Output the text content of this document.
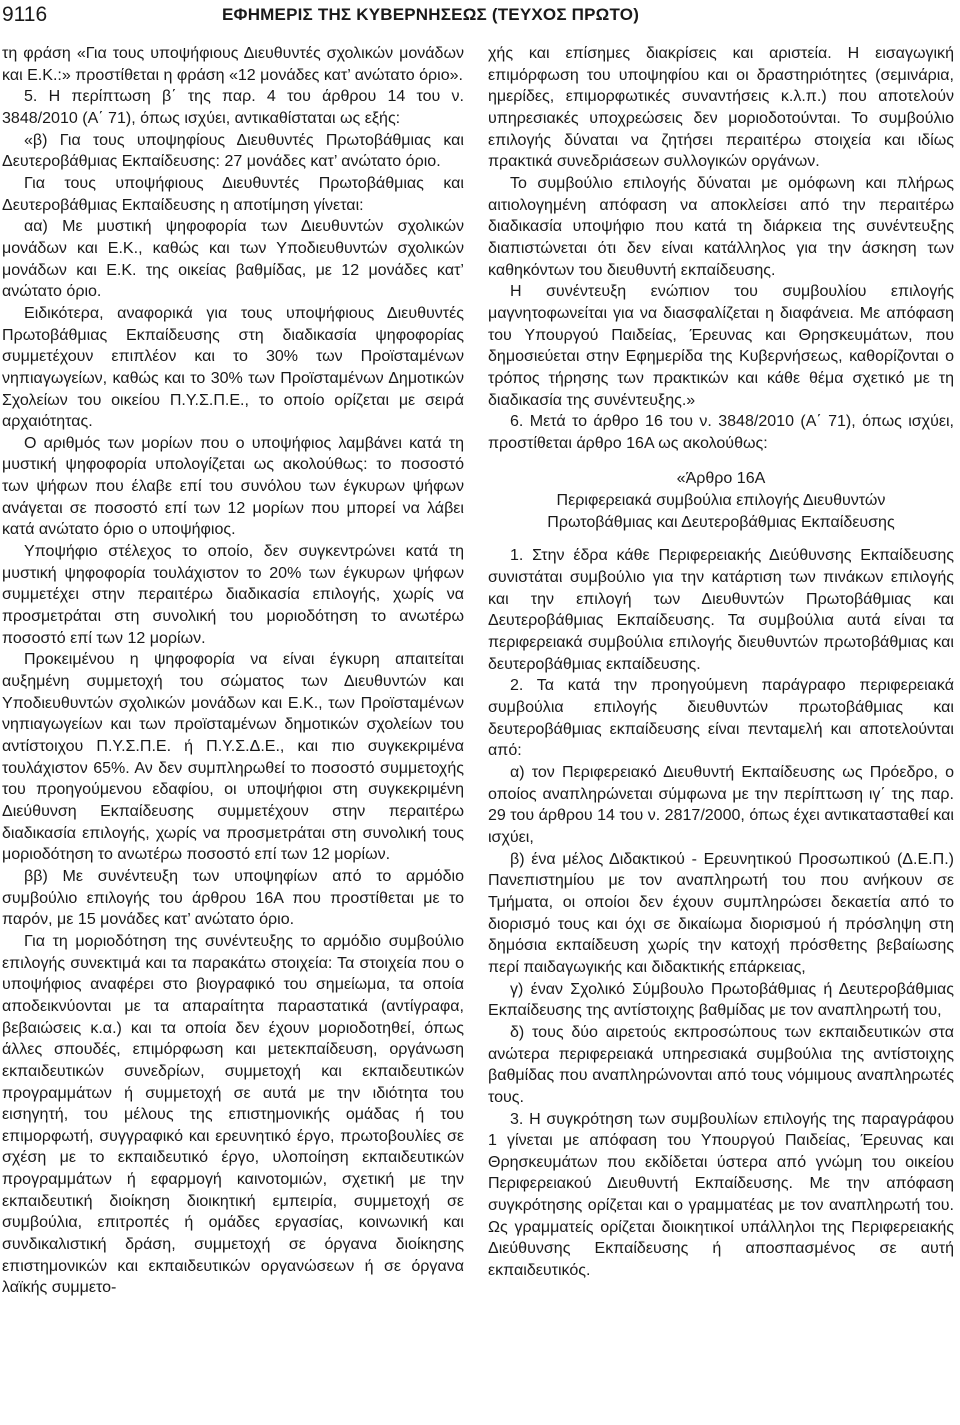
9116	ΕΦΗΜΕΡΙΣ ΤΗΣ ΚΥΒΕΡΝΗΣΕΩΣ (ΤΕΥΧΟΣ ΠΡΩΤΟ)

τη φράση «Για τους υποψήφιους Διευθυντές σχολικών μονάδων και Ε.Κ.:» προστίθεται η φράση «12 μονάδες κατ’ ανώτατο όριο».

5. Η περίπτωση β΄ της παρ. 4 του άρθρου 14 του ν. 3848/2010 (Α΄ 71), όπως ισχύει, αντικαθίσταται ως εξής:

«β) Για τους υποψηφίους Διευθυντές Πρωτοβάθμιας και Δευτεροβάθμιας Εκπαίδευσης: 27 μονάδες κατ’ ανώτατο όριο.

Για τους υποψήφιους Διευθυντές Πρωτοβάθμιας και Δευτεροβάθμιας Εκπαίδευσης η αποτίμηση γίνεται:

αα) Με μυστική ψηφοφορία των Διευθυντών σχολικών μονάδων και Ε.Κ., καθώς και των Υποδιευθυντών σχολικών μονάδων και Ε.Κ. της οικείας βαθμίδας, με 12 μονάδες κατ’ ανώτατο όριο.

Ειδικότερα, αναφορικά για τους υποψήφιους Διευθυντές Πρωτοβάθμιας Εκπαίδευσης στη διαδικασία ψηφοφορίας συμμετέχουν επιπλέον και το 30% των Προϊσταμένων νηπιαγωγείων, καθώς και το 30% των Προϊσταμένων Δημοτικών Σχολείων του οικείου Π.Υ.Σ.Π.Ε., το οποίο ορίζεται με σειρά αρχαιότητας.

Ο αριθμός των μορίων που ο υποψήφιος λαμβάνει κατά τη μυστική ψηφοφορία υπολογίζεται ως ακολούθως: το ποσοστό των ψήφων που έλαβε επί του συνόλου των έγκυρων ψήφων ανάγεται σε ποσοστό επί των 12 μορίων που μπορεί να λάβει κατά ανώτατο όριο ο υποψήφιος.

Υποψήφιο στέλεχος το οποίο, δεν συγκεντρώνει κατά τη μυστική ψηφοφορία τουλάχιστον το 20% των έγκυρων ψήφων συμμετέχει στην περαιτέρω διαδικασία επιλογής, χωρίς να προσμετράται στη συνολική του μοριοδότηση το ανωτέρω ποσοστό επί των 12 μορίων.

Προκειμένου η ψηφοφορία να είναι έγκυρη απαιτείται αυξημένη συμμετοχή του σώματος των Διευθυντών και Υποδιευθυντών σχολικών μονάδων και Ε.Κ., των Προϊσταμένων νηπιαγωγείων και των προϊσταμένων δημοτικών σχολείων του αντίστοιχου Π.Υ.Σ.Π.Ε. ή Π.Υ.Σ.Δ.Ε., και πιο συγκεκριμένα τουλάχιστον 65%. Αν δεν συμπληρωθεί το ποσοστό συμμετοχής του προηγούμενου εδαφίου, οι υποψήφιοι στη συγκεκριμένη Διεύθυνση Εκπαίδευσης συμμετέχουν στην περαιτέρω διαδικασία επιλογής, χωρίς να προσμετράται στη συνολική τους μοριοδότηση το ανωτέρω ποσοστό επί των 12 μορίων.

ββ) Με συνέντευξη των υποψηφίων από το αρμόδιο συμβούλιο επιλογής του άρθρου 16Α που προστίθεται με το παρόν, με 15 μονάδες κατ’ ανώτατο όριο.

Για τη μοριοδότηση της συνέντευξης το αρμόδιο συμβούλιο επιλογής συνεκτιμά και τα παρακάτω στοιχεία: Τα στοιχεία που ο υποψήφιος αναφέρει στο βιογραφικό του σημείωμα, τα οποία αποδεικνύονται με τα απαραίτητα παραστατικά (αντίγραφα, βεβαιώσεις κ.α.) και τα οποία δεν έχουν μοριοδοτηθεί, όπως άλλες σπουδές, επιμόρφωση και μετεκπαίδευση, οργάνωση εκπαιδευτικών συνεδρίων, συμμετοχή και εκπαιδευτικών προγραμμάτων ή συμμετοχή σε αυτά με την ιδιότητα του εισηγητή, του μέλους της επιστημονικής ομάδας ή του επιμορφωτή, συγγραφικό και ερευνητικό έργο, πρωτοβουλίες σε σχέση με το εκπαιδευτικό έργο, υλοποίηση εκπαιδευτικών προγραμμάτων ή εφαρμογή καινοτομιών, σχετική με την εκπαιδευτική διοίκηση διοικητική εμπειρία, συμμετοχή σε συμβούλια, επιτροπές ή ομάδες εργασίας, κοινωνική και συνδικαλιστική δράση, συμμετοχή σε όργανα διοίκησης επιστημονικών και εκπαιδευτικών οργανώσεων ή σε όργανα λαϊκής συμμετο-

χής και επίσημες διακρίσεις και αριστεία. Η εισαγωγική επιμόρφωση του υποψηφίου και οι δραστηριότητες (σεμινάρια, ημερίδες, επιμορφωτικές συναντήσεις κ.λ.π.) που αποτελούν υπηρεσιακές υποχρεώσεις δεν μοριοδοτούνται. Το συμβούλιο επιλογής δύναται να ζητήσει περαιτέρω στοιχεία και ιδίως πρακτικά συνεδριάσεων συλλογικών οργάνων.

Το συμβούλιο επιλογής δύναται με ομόφωνη και πλήρως αιτιολογημένη απόφαση να αποκλείσει από την περαιτέρω διαδικασία υποψήφιο που κατά τη διάρκεια της συνέντευξης διαπιστώνεται ότι δεν είναι κατάλληλος για την άσκηση των καθηκόντων του διευθυντή εκπαίδευσης.

Η συνέντευξη ενώπιον του συμβουλίου επιλογής μαγνητοφωνείται για να διασφαλίζεται η διαφάνεια. Με απόφαση του Υπουργού Παιδείας, Έρευνας και Θρησκευμάτων, που δημοσιεύεται στην Εφημερίδα της Κυβερνήσεως, καθορίζονται ο τρόπος τήρησης των πρακτικών και κάθε θέμα σχετικό με τη διαδικασία της συνέντευξης.»

6. Μετά το άρθρο 16 του ν. 3848/2010 (Α΄ 71), όπως ισχύει, προστίθεται άρθρο 16Α ως ακολούθως:

«Άρθρο 16Α
Περιφερειακά συμβούλια επιλογής Διευθυντών
Πρωτοβάθμιας και Δευτεροβάθμιας Εκπαίδευσης

1. Στην έδρα κάθε Περιφερειακής Διεύθυνσης Εκπαίδευσης συνιστάται συμβούλιο για την κατάρτιση των πινάκων επιλογής και την επιλογή των Διευθυντών Πρωτοβάθμιας και Δευτεροβάθμιας Εκπαίδευσης. Τα συμβούλια αυτά είναι τα περιφερειακά συμβούλια επιλογής διευθυντών πρωτοβάθμιας και δευτεροβάθμιας εκπαίδευσης.

2. Τα κατά την προηγούμενη παράγραφο περιφερειακά συμβούλια επιλογής διευθυντών πρωτοβάθμιας και δευτεροβάθμιας εκπαίδευσης είναι πενταμελή και αποτελούνται από:

α) τον Περιφερειακό Διευθυντή Εκπαίδευσης ως Πρόεδρο, ο οποίος αναπληρώνεται σύμφωνα με την περίπτωση ιγ΄ της παρ. 29 του άρθρου 14 του ν. 2817/2000, όπως έχει αντικατασταθεί και ισχύει,

β) ένα μέλος Διδακτικού - Ερευνητικού Προσωπικού (Δ.Ε.Π.) Πανεπιστημίου με τον αναπληρωτή του που ανήκουν σε Τμήματα, οι οποίοι δεν έχουν συμπληρώσει δεκαετία από το διορισμό τους και όχι σε δικαίωμα διορισμού ή πρόσληψη στη δημόσια εκπαίδευση χωρίς την κατοχή πρόσθετης βεβαίωσης περί παιδαγωγικής και διδακτικής επάρκειας,

γ) έναν Σχολικό Σύμβουλο Πρωτοβάθμιας ή Δευτεροβάθμιας Εκπαίδευσης της αντίστοιχης βαθμίδας με τον αναπληρωτή του,

δ) τους δύο αιρετούς εκπροσώπους των εκπαιδευτικών στα ανώτερα περιφερειακά υπηρεσιακά συμβούλια της αντίστοιχης βαθμίδας που αναπληρώνονται από τους νόμιμους αναπληρωτές τους.

3. Η συγκρότηση των συμβουλίων επιλογής της παραγράφου 1 γίνεται με απόφαση του Υπουργού Παιδείας, Έρευνας και Θρησκευμάτων που εκδίδεται ύστερα από γνώμη του οικείου Περιφερειακού Διευθυντή Εκπαίδευσης. Με την απόφαση συγκρότησης ορίζεται και ο γραμματέας με τον αναπληρωτή του. Ως γραμματείς ορίζεται διοικητικοί υπάλληλοι της Περιφερειακής Διεύθυνσης Εκπαίδευσης ή αποσπασμένος σε αυτή εκπαιδευτικός.
